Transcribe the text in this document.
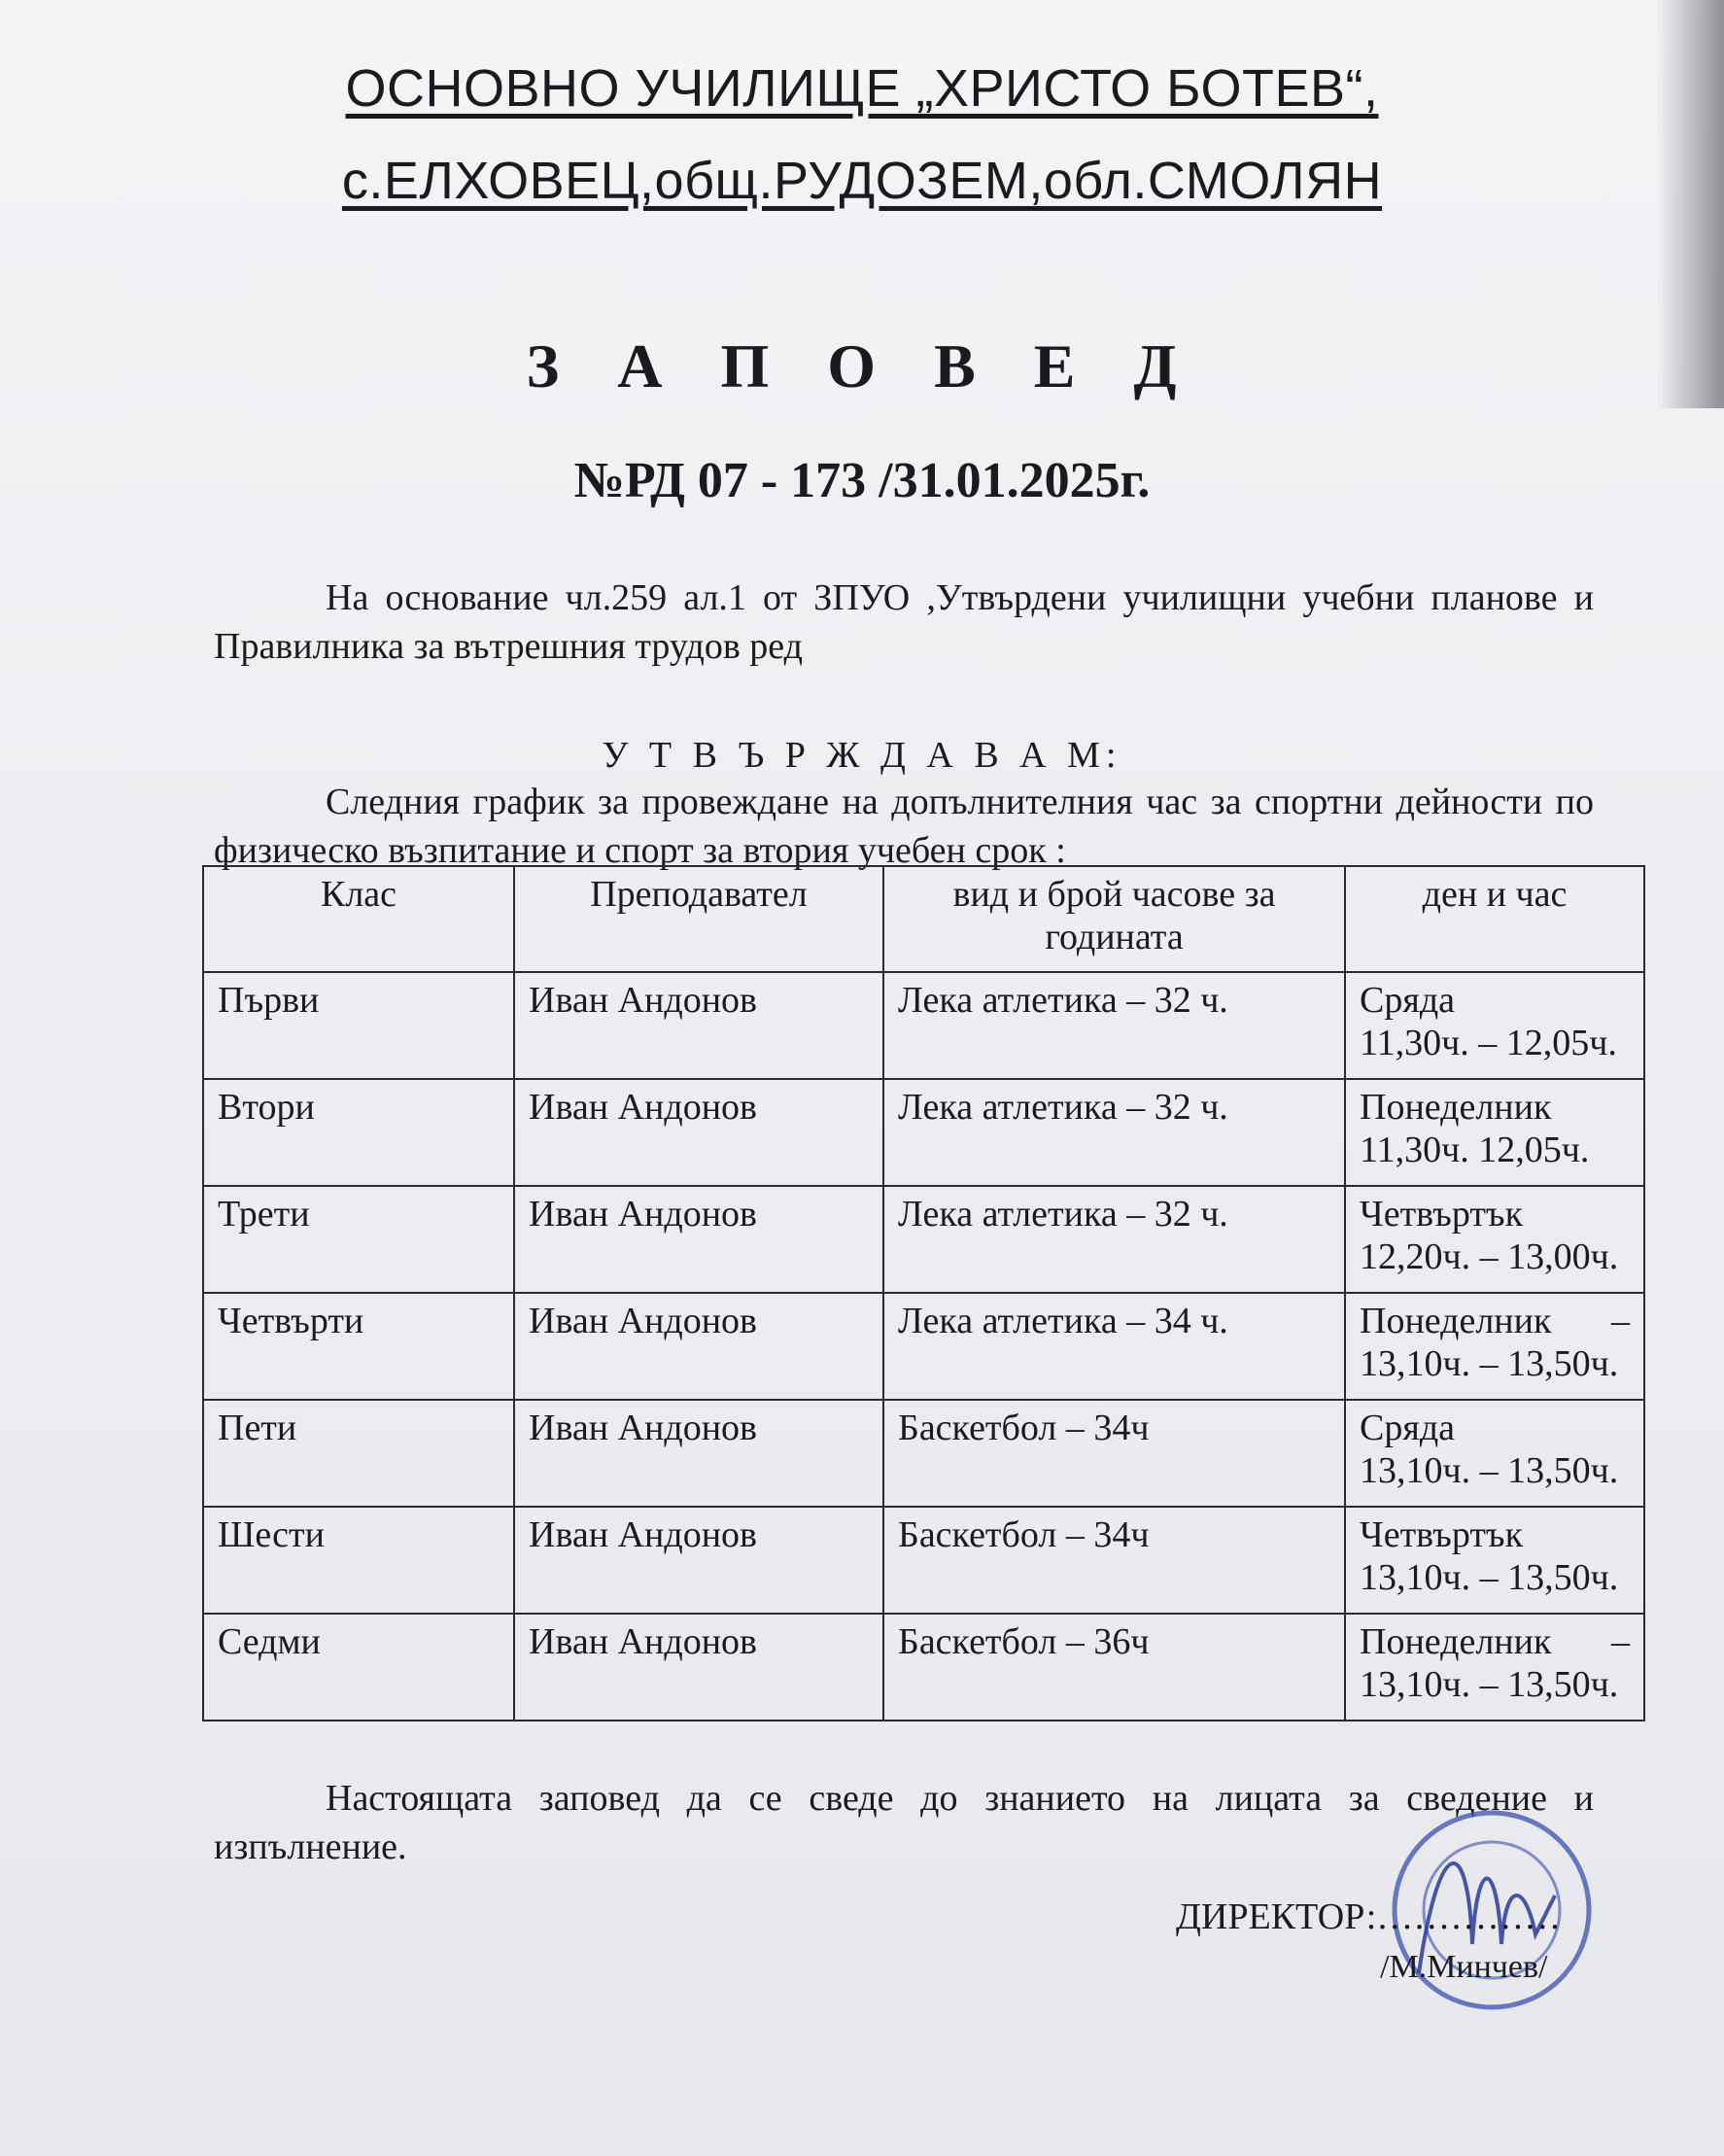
ОСНОВНО УЧИЛИЩЕ „ХРИСТО БОТЕВ“,
с.ЕЛХОВЕЦ,общ.РУДОЗЕМ,обл.СМОЛЯН
З А П О В Е Д
№РД 07 - 173 /31.01.2025г.
На основание чл.259 ал.1 от ЗПУО ,Утвърдени училищни учебни планове и Правилника за вътрешния трудов ред
У Т В Ъ Р Ж Д А В А М:
Следния график за провеждане на допълнителния час за спортни дейности по физическо възпитание и спорт за втория учебен срок :
Клас	Преподавател	вид и брой часове за годината	ден и час
Първи	Иван Андонов	Лека атлетика – 32 ч.	Сряда
11,30ч. – 12,05ч.

Втори	Иван Андонов	Лека атлетика – 32 ч.	Понеделник
11,30ч. 12,05ч.

Трети	Иван Андонов	Лека атлетика – 32 ч.	Четвъртък
12,20ч. – 13,00ч.

Четвърти	Иван Андонов	Лека атлетика – 34 ч.	Понеделник –
13,10ч. – 13,50ч.

Пети	Иван Андонов	Баскетбол – 34ч	Сряда
13,10ч. – 13,50ч.

Шести	Иван Андонов	Баскетбол – 34ч	Четвъртък
13,10ч. – 13,50ч.

Седми	Иван Андонов	Баскетбол – 36ч	Понеделник –
13,10ч. – 13,50ч.
Настоящата заповед да се сведе до знанието на лицата за сведение и изпълнение.
ДИРЕКТОР:……………
/М.Минчев/
